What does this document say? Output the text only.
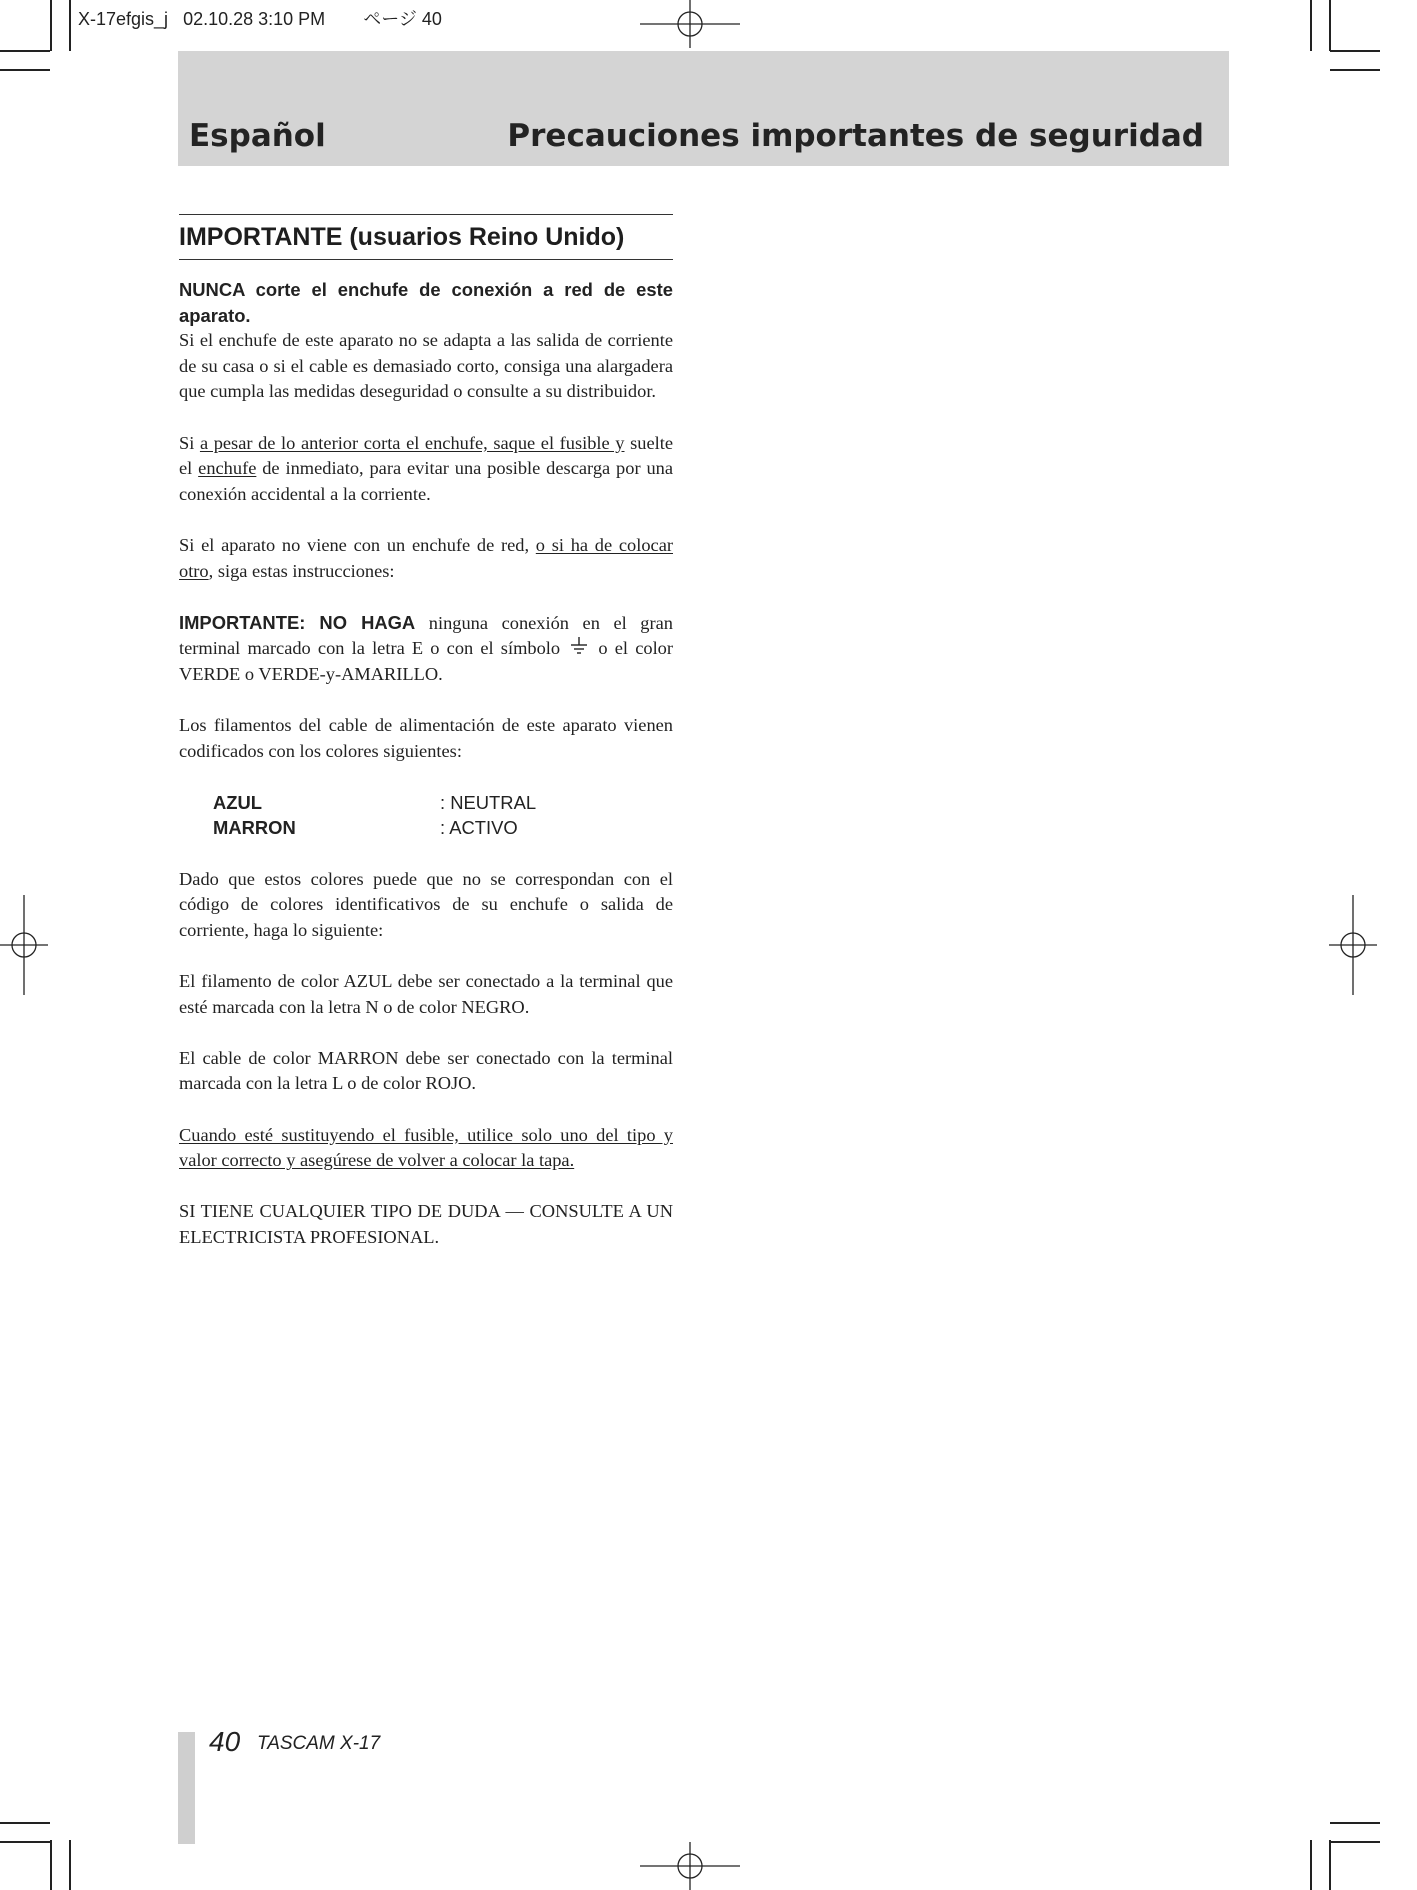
X-17efgis_j 02.10.28 3:10 PM ページ 40
Español	Precauciones importantes de seguridad
IMPORTANTE (usuarios Reino Unido)

NUNCA corte el enchufe de conexión a red de este aparato.

Si el enchufe de este aparato no se adapta a las salida de corriente de su casa o si el cable es demasiado corto, consiga una alargadera que cumpla las medidas deseguridad o consulte a su distribuidor.

Si a pesar de lo anterior corta el enchufe, saque el fusible y suelte el enchufe de inmediato, para evitar una posible descarga por una conexión accidental a la corriente.

Si el aparato no viene con un enchufe de red, o si ha de colocar otro, siga estas instrucciones:

IMPORTANTE: NO HAGA ninguna conexión en el gran terminal marcado con la letra E o con el símbolo  o el color VERDE o VERDE-y-AMARILLO.

Los filamentos del cable de alimentación de este aparato vienen codificados con los colores siguientes:

AZUL	: NEUTRAL
MARRON	: ACTIVO

Dado que estos colores puede que no se correspondan con el código de colores identificativos de su enchufe o salida de corriente, haga lo siguiente:

El filamento de color AZUL debe ser conectado a la terminal que esté marcada con la letra N o de color NEGRO.

El cable de color MARRON debe ser conectado con la terminal marcada con la letra L o de color ROJO.

Cuando esté sustituyendo el fusible, utilice solo uno del tipo y valor correcto y asegúrese de volver a colocar la tapa.

SI TIENE CUALQUIER TIPO DE DUDA — CONSULTE A UN ELECTRICISTA PROFESIONAL.

40 TASCAM X-17
